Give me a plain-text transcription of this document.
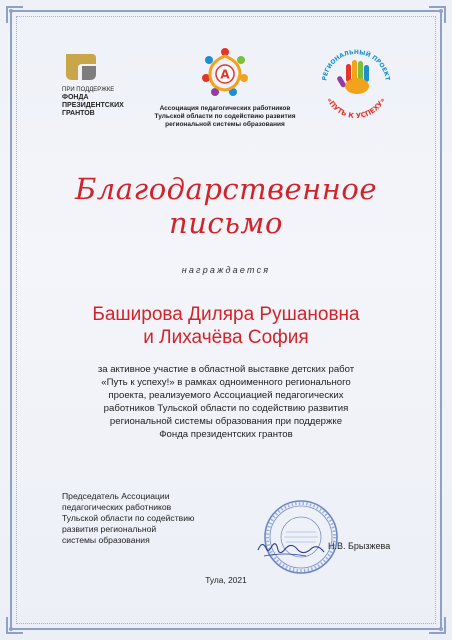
ПРИ ПОДДЕРЖКЕ
ФОНДА
ПРЕЗИДЕНТСКИХ
ГРАНТОВ
А
Ассоциация педагогических работников
Тульской области по содействию развития
региональной системы образования
РЕГИОНАЛЬНЫЙ ПРОЕКТ
«ПУТЬ К УСПЕХУ»
Благодарственное
письмо
награждается
Баширова Диляра Рушановна
и Лихачёва София
за активное участие в областной выставке детских работ
«Путь к успеху!» в рамках одноименного регионального
проекта, реализуемого Ассоциацией педагогических
работников Тульской области по содействию развития
региональной системы образования при поддержке
Фонда президентских грантов
Председатель Ассоциации
педагогических работников
Тульской области по содействию
развития региональной
системы образования
Н.В. Брызжева
Тула, 2021
